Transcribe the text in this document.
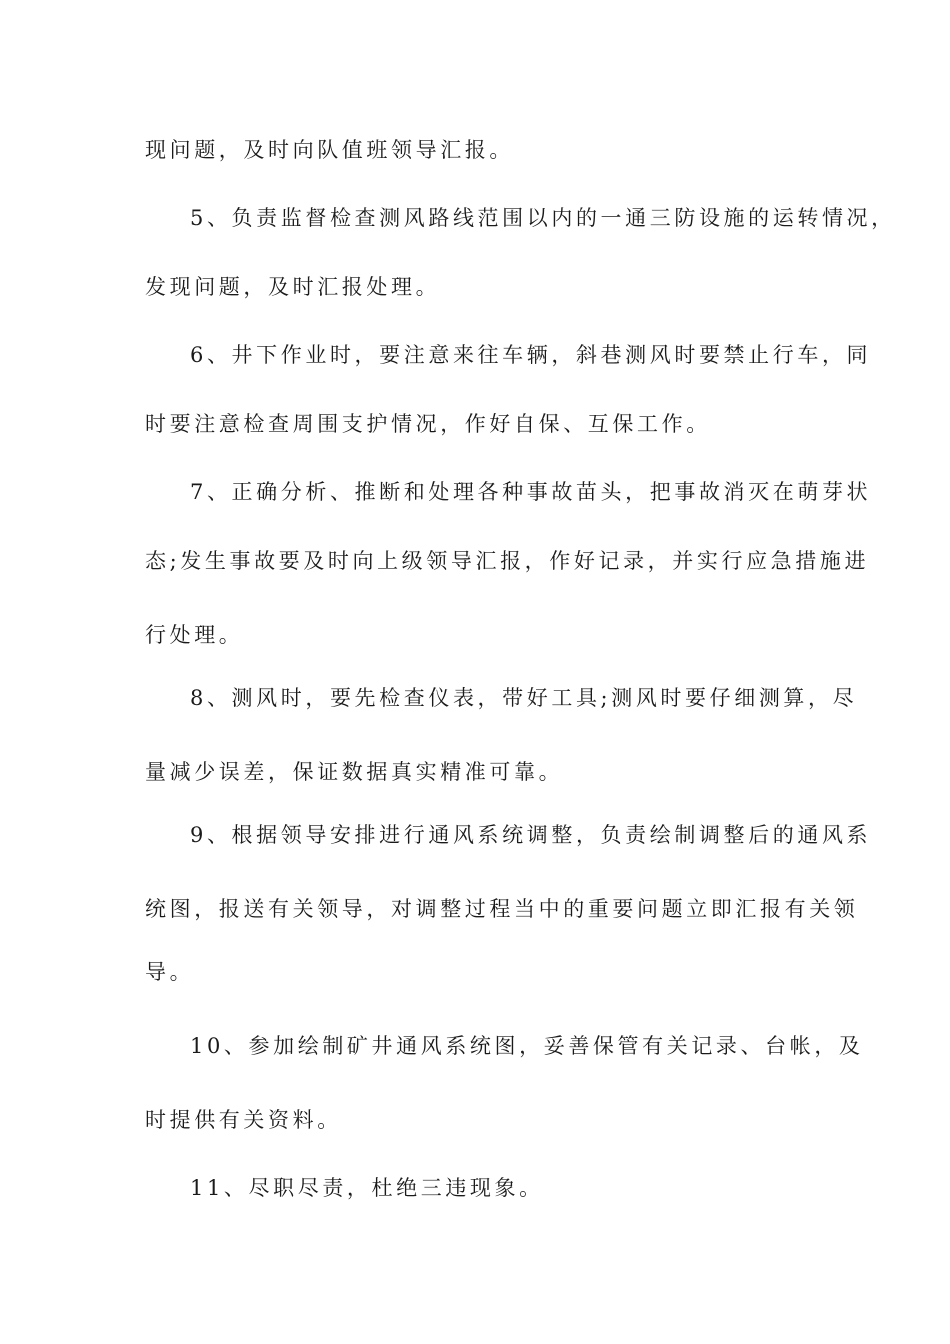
现问题，及时向队值班领导汇报。
5、负责监督检查测风路线范围以内的一通三防设施的运转情况，
发现问题，及时汇报处理。
6、井下作业时，要注意来往车辆，斜巷测风时要禁止行车，同
时要注意检查周围支护情况，作好自保、互保工作。
7、正确分析、推断和处理各种事故苗头，把事故消灭在萌芽状
态;发生事故要及时向上级领导汇报，作好记录，并实行应急措施进
行处理。
8、测风时，要先检查仪表，带好工具;测风时要仔细测算，尽
量减少误差，保证数据真实精准可靠。
9、根据领导安排进行通风系统调整，负责绘制调整后的通风系
统图，报送有关领导，对调整过程当中的重要问题立即汇报有关领
导。
10、参加绘制矿井通风系统图，妥善保管有关记录、台帐，及
时提供有关资料。
11、尽职尽责，杜绝三违现象。
